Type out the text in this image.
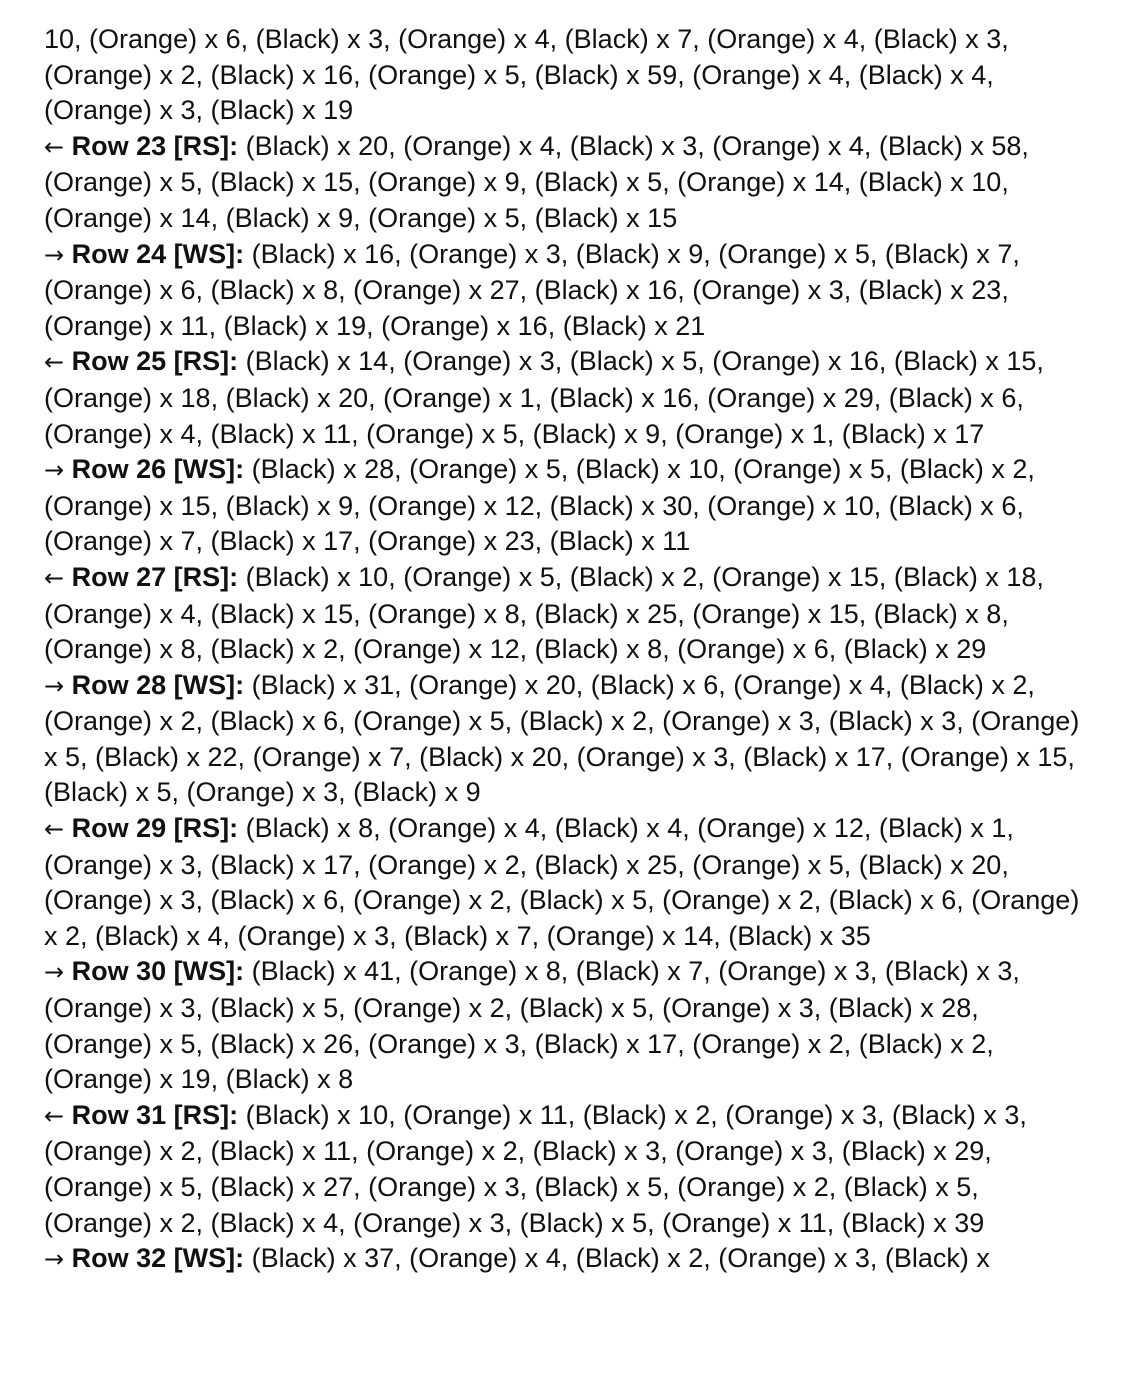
10, (Orange) x 6, (Black) x 3, (Orange) x 4, (Black) x 7, (Orange) x 4, (Black) x 3, (Orange) x 2, (Black) x 16, (Orange) x 5, (Black) x 59, (Orange) x 4, (Black) x 4, (Orange) x 3, (Black) x 19

← Row 23 [RS]: (Black) x 20, (Orange) x 4, (Black) x 3, (Orange) x 4, (Black) x 58, (Orange) x 5, (Black) x 15, (Orange) x 9, (Black) x 5, (Orange) x 14, (Black) x 10, (Orange) x 14, (Black) x 9, (Orange) x 5, (Black) x 15

→ Row 24 [WS]: (Black) x 16, (Orange) x 3, (Black) x 9, (Orange) x 5, (Black) x 7, (Orange) x 6, (Black) x 8, (Orange) x 27, (Black) x 16, (Orange) x 3, (Black) x 23, (Orange) x 11, (Black) x 19, (Orange) x 16, (Black) x 21

← Row 25 [RS]: (Black) x 14, (Orange) x 3, (Black) x 5, (Orange) x 16, (Black) x 15, (Orange) x 18, (Black) x 20, (Orange) x 1, (Black) x 16, (Orange) x 29, (Black) x 6, (Orange) x 4, (Black) x 11, (Orange) x 5, (Black) x 9, (Orange) x 1, (Black) x 17

→ Row 26 [WS]: (Black) x 28, (Orange) x 5, (Black) x 10, (Orange) x 5, (Black) x 2, (Orange) x 15, (Black) x 9, (Orange) x 12, (Black) x 30, (Orange) x 10, (Black) x 6, (Orange) x 7, (Black) x 17, (Orange) x 23, (Black) x 11

← Row 27 [RS]: (Black) x 10, (Orange) x 5, (Black) x 2, (Orange) x 15, (Black) x 18, (Orange) x 4, (Black) x 15, (Orange) x 8, (Black) x 25, (Orange) x 15, (Black) x 8, (Orange) x 8, (Black) x 2, (Orange) x 12, (Black) x 8, (Orange) x 6, (Black) x 29

→ Row 28 [WS]: (Black) x 31, (Orange) x 20, (Black) x 6, (Orange) x 4, (Black) x 2, (Orange) x 2, (Black) x 6, (Orange) x 5, (Black) x 2, (Orange) x 3, (Black) x 3, (Orange) x 5, (Black) x 22, (Orange) x 7, (Black) x 20, (Orange) x 3, (Black) x 17, (Orange) x 15, (Black) x 5, (Orange) x 3, (Black) x 9

← Row 29 [RS]: (Black) x 8, (Orange) x 4, (Black) x 4, (Orange) x 12, (Black) x 1, (Orange) x 3, (Black) x 17, (Orange) x 2, (Black) x 25, (Orange) x 5, (Black) x 20, (Orange) x 3, (Black) x 6, (Orange) x 2, (Black) x 5, (Orange) x 2, (Black) x 6, (Orange) x 2, (Black) x 4, (Orange) x 3, (Black) x 7, (Orange) x 14, (Black) x 35

→ Row 30 [WS]: (Black) x 41, (Orange) x 8, (Black) x 7, (Orange) x 3, (Black) x 3, (Orange) x 3, (Black) x 5, (Orange) x 2, (Black) x 5, (Orange) x 3, (Black) x 28, (Orange) x 5, (Black) x 26, (Orange) x 3, (Black) x 17, (Orange) x 2, (Black) x 2, (Orange) x 19, (Black) x 8

← Row 31 [RS]: (Black) x 10, (Orange) x 11, (Black) x 2, (Orange) x 3, (Black) x 3, (Orange) x 2, (Black) x 11, (Orange) x 2, (Black) x 3, (Orange) x 3, (Black) x 29, (Orange) x 5, (Black) x 27, (Orange) x 3, (Black) x 5, (Orange) x 2, (Black) x 5, (Orange) x 2, (Black) x 4, (Orange) x 3, (Black) x 5, (Orange) x 11, (Black) x 39

→ Row 32 [WS]: (Black) x 37, (Orange) x 4, (Black) x 2, (Orange) x 3, (Black) x
